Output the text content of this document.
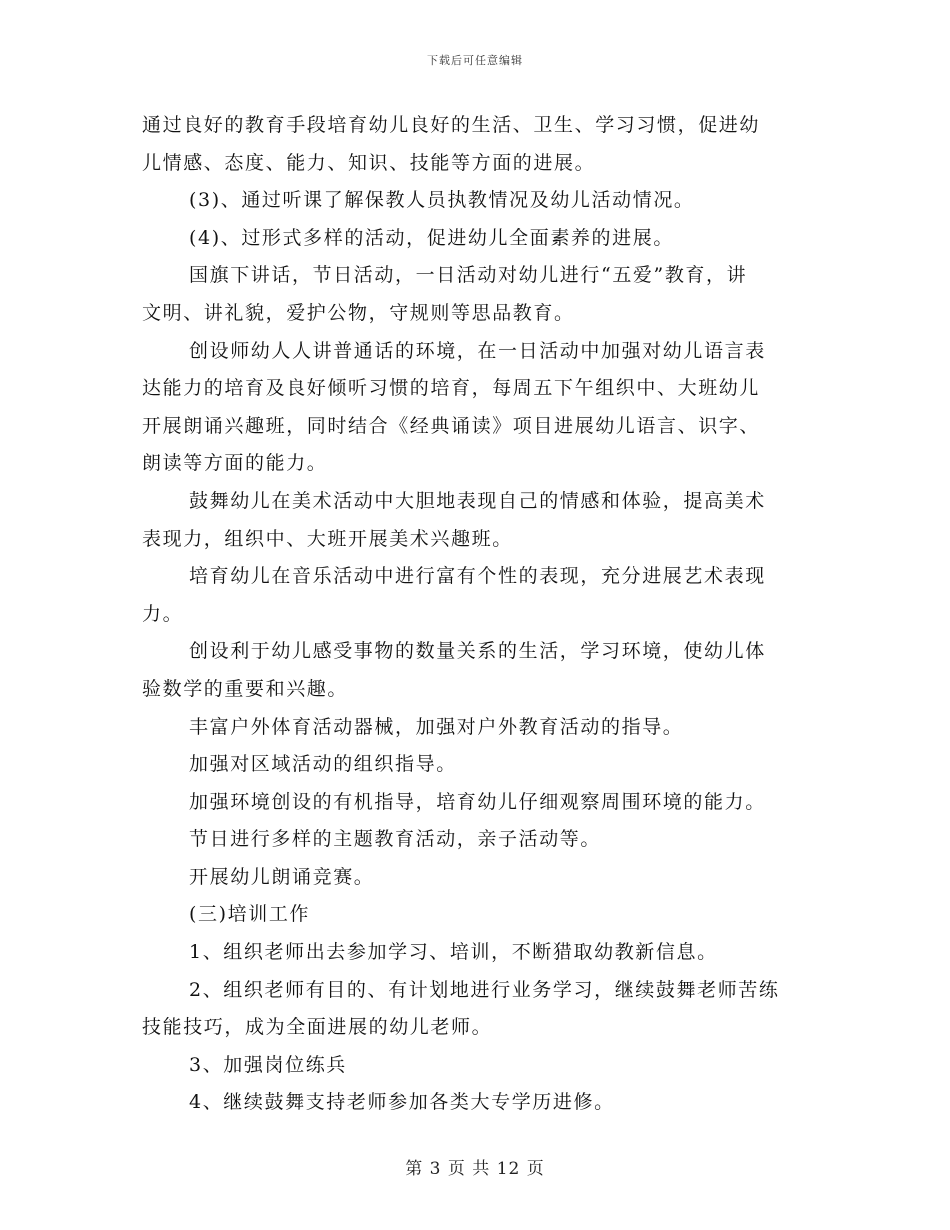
下载后可任意编辑
通过良好的教育手段培育幼儿良好的生活、卫生、学习习惯，促进幼
儿情感、态度、能力、知识、技能等方面的进展。
(3)、通过听课了解保教人员执教情况及幼儿活动情况。
(4)、过形式多样的活动，促进幼儿全面素养的进展。
国旗下讲话，节日活动，一日活动对幼儿进行“五爱”教育，讲
文明、讲礼貌，爱护公物，守规则等思品教育。
创设师幼人人讲普通话的环境，在一日活动中加强对幼儿语言表
达能力的培育及良好倾听习惯的培育，每周五下午组织中、大班幼儿
开展朗诵兴趣班，同时结合《经典诵读》项目进展幼儿语言、识字、
朗读等方面的能力。
鼓舞幼儿在美术活动中大胆地表现自己的情感和体验，提高美术
表现力，组织中、大班开展美术兴趣班。
培育幼儿在音乐活动中进行富有个性的表现，充分进展艺术表现
力。
创设利于幼儿感受事物的数量关系的生活，学习环境，使幼儿体
验数学的重要和兴趣。
丰富户外体育活动器械，加强对户外教育活动的指导。
加强对区域活动的组织指导。
加强环境创设的有机指导，培育幼儿仔细观察周围环境的能力。
节日进行多样的主题教育活动，亲子活动等。
开展幼儿朗诵竞赛。
(三)培训工作
1、组织老师出去参加学习、培训，不断猎取幼教新信息。
2、组织老师有目的、有计划地进行业务学习，继续鼓舞老师苦练
技能技巧，成为全面进展的幼儿老师。
3、加强岗位练兵
4、继续鼓舞支持老师参加各类大专学历进修。
第 3 页 共 12 页
